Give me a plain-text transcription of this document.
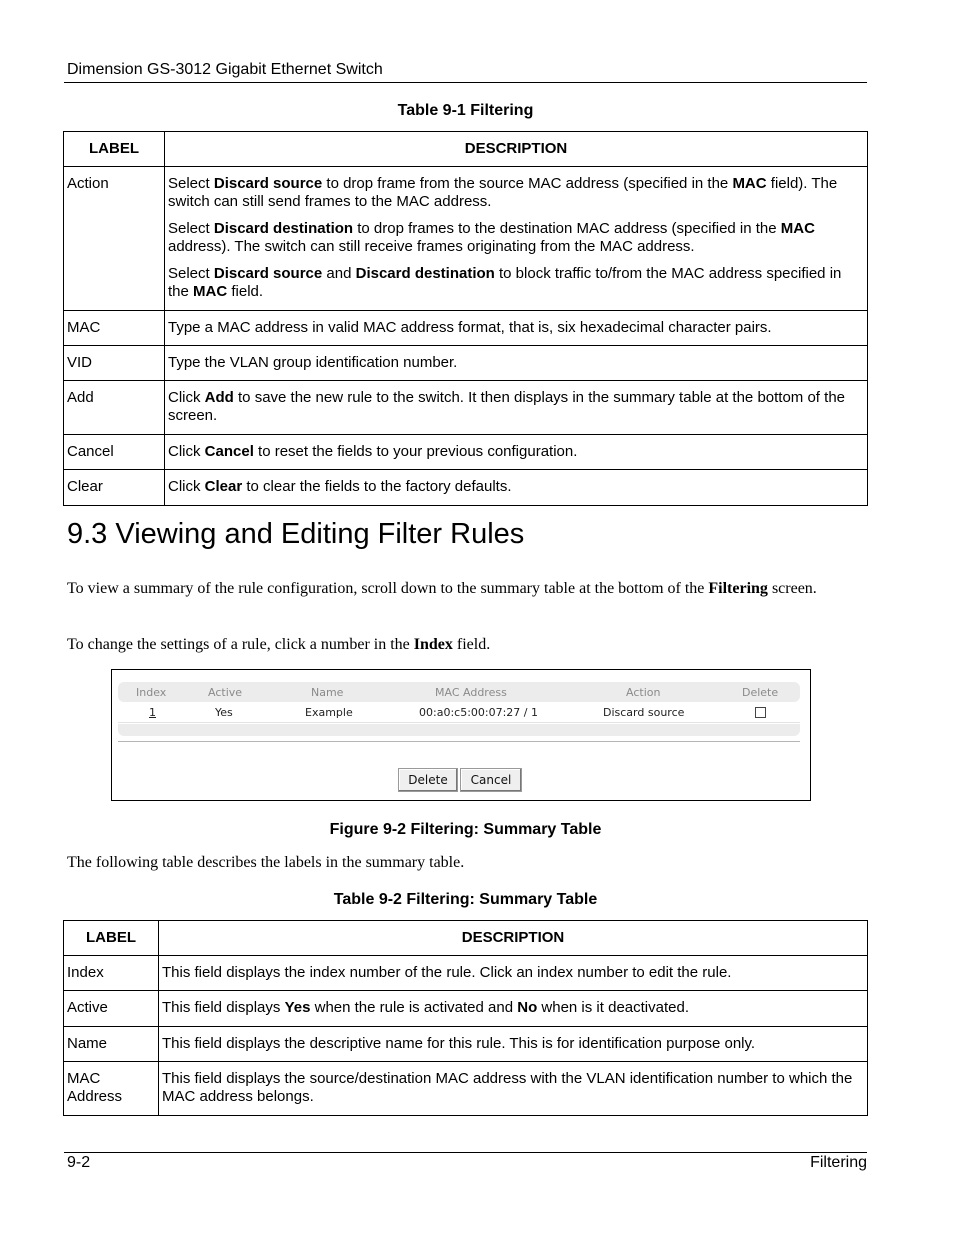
Dimension GS-3012 Gigabit Ethernet Switch
Table 9-1 Filtering
LABEL	DESCRIPTION
Action	Select Discard source to drop frame from the source MAC address (specified in the MAC field). The switch can still send frames to the MAC address.

Select Discard destination to drop frames to the destination MAC address (specified in the MAC address). The switch can still receive frames originating from the MAC address.

Select Discard source and Discard destination to block traffic to/from the MAC address specified in the MAC field.

MAC	Type a MAC address in valid MAC address format, that is, six hexadecimal character pairs.

VID	Type the VLAN group identification number.

Add	Click Add to save the new rule to the switch. It then displays in the summary table at the bottom of the screen.

Cancel	Click Cancel to reset the fields to your previous configuration.

Clear	Click Clear to clear the fields to the factory defaults.

9.3 Viewing and Editing Filter Rules
To view a summary of the rule configuration, scroll down to the summary table at the bottom of the Filtering screen.
To change the settings of a rule, click a number in the Index field.
Index	Active	Name	MAC Address	Action	Delete
1	Yes	Example	00:a0:c5:00:07:27 / 1	Discard source
Delete	Cancel
Figure 9-2 Filtering: Summary Table
The following table describes the labels in the summary table.
Table 9-2 Filtering: Summary Table
LABEL	DESCRIPTION
Index	This field displays the index number of the rule. Click an index number to edit the rule.

Active	This field displays Yes when the rule is activated and No when is it deactivated.

Name	This field displays the descriptive name for this rule. This is for identification purpose only.

MAC Address	This field displays the source/destination MAC address with the VLAN identification number to which the MAC address belongs.

9-2	Filtering
